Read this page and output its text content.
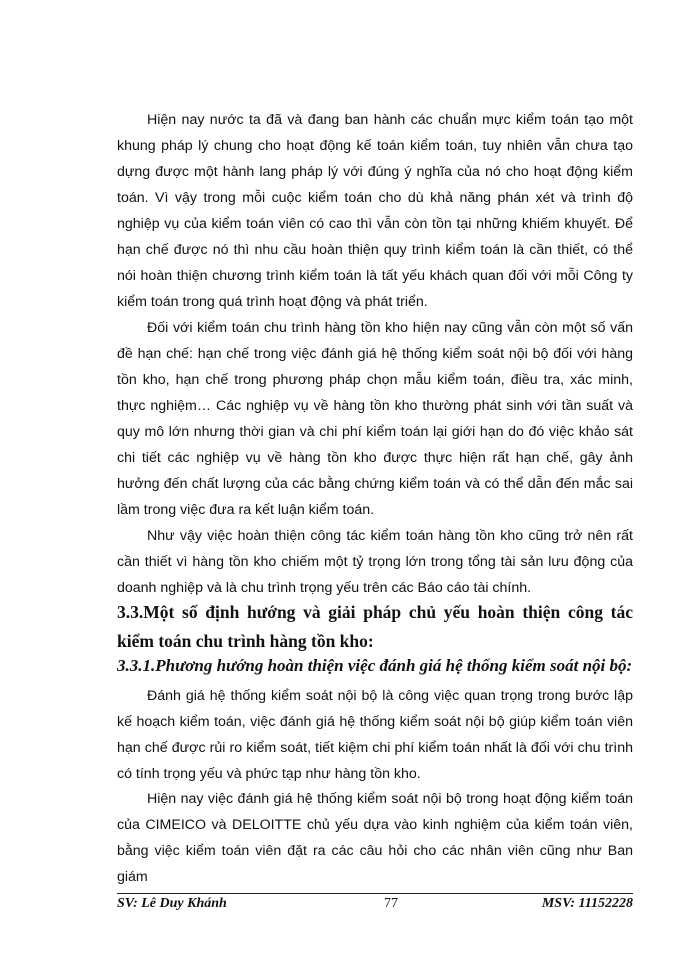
Hiện nay nước ta đã và đang ban hành các chuẩn mực kiểm toán tạo một khung pháp lý chung cho hoạt động kế toán kiểm toán, tuy nhiên vẫn chưa tạo dựng được một hành lang pháp lý với đúng ý nghĩa của nó cho hoạt động kiểm toán. Vì vậy trong mỗi cuộc kiểm toán cho dù khả năng phán xét và trình độ nghiệp vụ của kiểm toán viên có cao thì vẫn còn tồn tại những khiếm khuyết. Để hạn chế được nó thì nhu cầu hoàn thiện quy trình kiểm toán là cần thiết, có thể nói hoàn thiện chương trình kiểm toán là tất yếu khách quan đối với mỗi Công ty kiểm toán trong quá trình hoạt động và phát triển.

Đối với kiểm toán chu trình hàng tồn kho hiện nay cũng vẫn còn một số vấn đề hạn chế: hạn chế trong việc đánh giá hệ thống kiểm soát nội bộ đối với hàng tồn kho, hạn chế trong phương pháp chọn mẫu kiểm toán, điều tra, xác minh, thực nghiệm… Các nghiệp vụ về hàng tồn kho thường phát sinh với tần suất và quy mô lớn nhưng thời gian và chi phí kiểm toán lại giới hạn do đó việc khảo sát chi tiết các nghiệp vụ về hàng tồn kho được thực hiện rất hạn chế, gây ảnh hưởng đến chất lượng của các bằng chứng kiểm toán và có thể dẫn đến mắc sai lầm trong việc đưa ra kết luận kiểm toán.

Như vậy việc hoàn thiện công tác kiểm toán hàng tồn kho cũng trở nên rất cần thiết vì hàng tồn kho chiếm một tỷ trọng lớn trong tổng tài sản lưu động của doanh nghiệp và là chu trình trọng yếu trên các Báo cáo tài chính.

3.3.Một số định hướng và giải pháp chủ yếu hoàn thiện công tác kiểm toán chu trình hàng tồn kho:
3.3.1.Phương hướng hoàn thiện việc đánh giá hệ thống kiểm soát nội bộ:

Đánh giá hệ thống kiểm soát nội bộ là công việc quan trọng trong bước lập kế hoạch kiểm toán, việc đánh giá hệ thống kiểm soát nội bộ giúp kiểm toán viên hạn chế được rủi ro kiểm soát, tiết kiệm chi phí kiểm toán nhất là đối với chu trình có tính trọng yếu và phức tạp như hàng tồn kho.

Hiện nay việc đánh giá hệ thống kiểm soát nội bộ trong hoạt động kiểm toán của CIMEICO và DELOITTE chủ yếu dựa vào kinh nghiệm của kiểm toán viên, bằng việc kiểm toán viên đặt ra các câu hỏi cho các nhân viên cũng như Ban giám

SV: Lê Duy Khánh	77	MSV: 11152228
